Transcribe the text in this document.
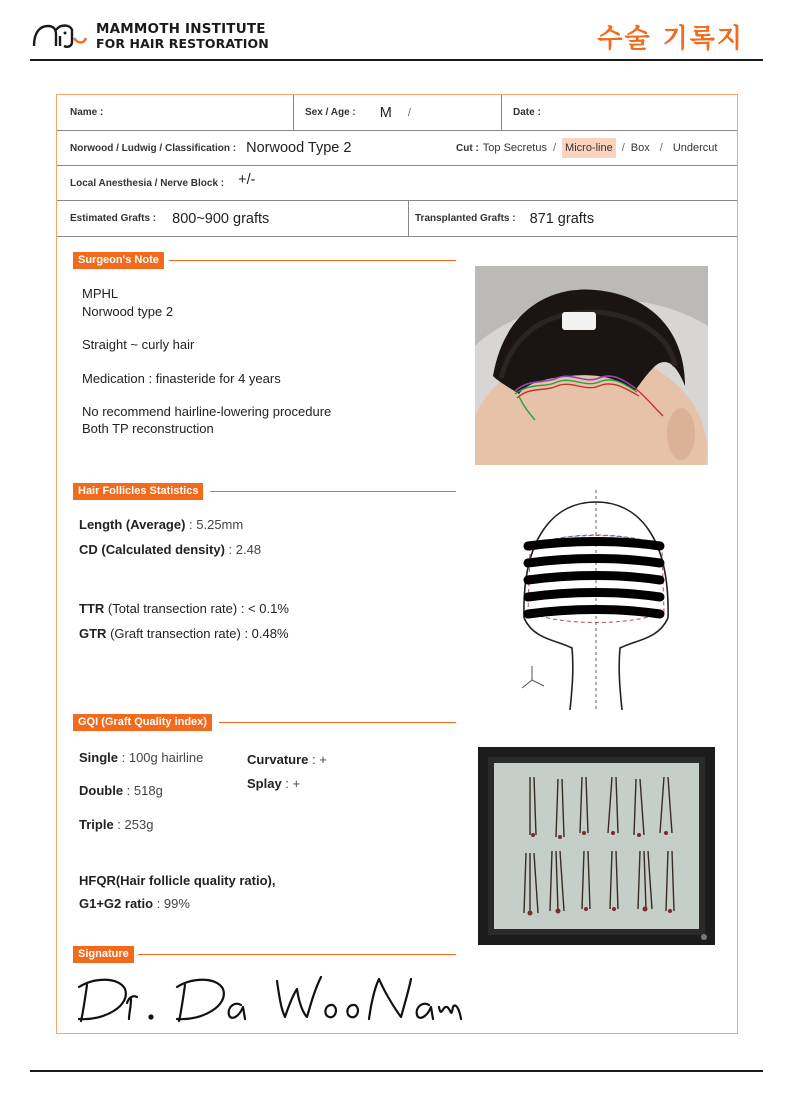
MAMMOTH INSTITUTE
FOR HAIR RESTORATION	수술 기록지
Name :	Sex / Age : M /	Date :
Norwood / Ludwig / Classification : Norwood Type 2	Cut : Top Secretus / Micro-line / Box / Undercut
Local Anesthesia / Nerve Block : +/-
Estimated Grafts : 800~900 grafts	Transplanted Grafts : 871 grafts
Surgeon's Note
MPHL
Norwood type 2
Straight ~ curly hair
Medication : finasteride for 4 years
No recommend hairline-lowering procedure
Both TP reconstruction
Hair Follicles Statistics
Length (Average) : 5.25mm
CD (Calculated density) : 2.48
TTR (Total transection rate) : < 0.1%
GTR (Graft transection rate) : 0.48%
GQI (Graft Quality index)
Single : 100g hairline
Double : 518g
Triple : 253g
Curvature : +
Splay : +
HFQR(Hair follicle quality ratio),
G1+G2 ratio : 99%
Signature
